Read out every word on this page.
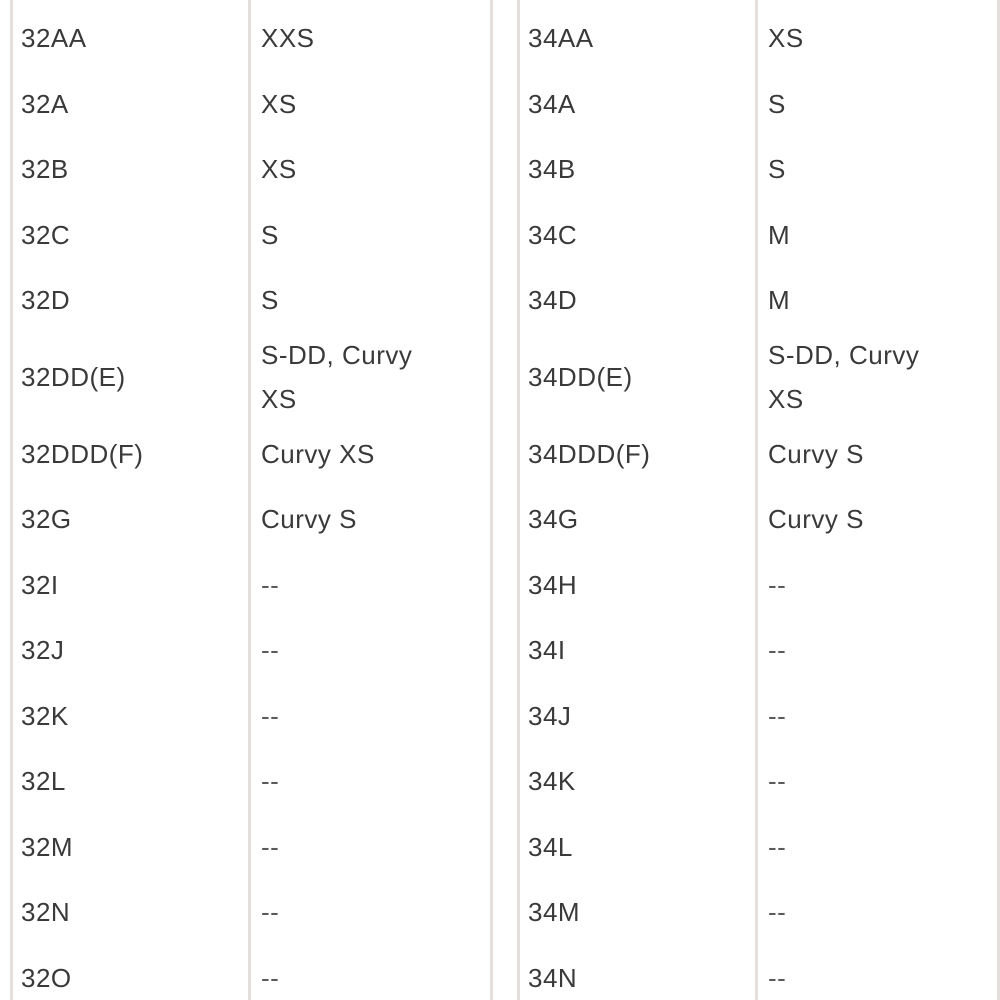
32AA	XXS
32A	XS
32B	XS
32C	S
32D	S
32DD(E)	S-DD, Curvy XS
32DDD(F)	Curvy XS
32G	Curvy S
32I	--
32J	--
32K	--
32L	--
32M	--
32N	--
32O	--

34AA	XS
34A	S
34B	S
34C	M
34D	M
34DD(E)	S-DD, Curvy XS
34DDD(F)	Curvy S
34G	Curvy S
34H	--
34I	--
34J	--
34K	--
34L	--
34M	--
34N	--
